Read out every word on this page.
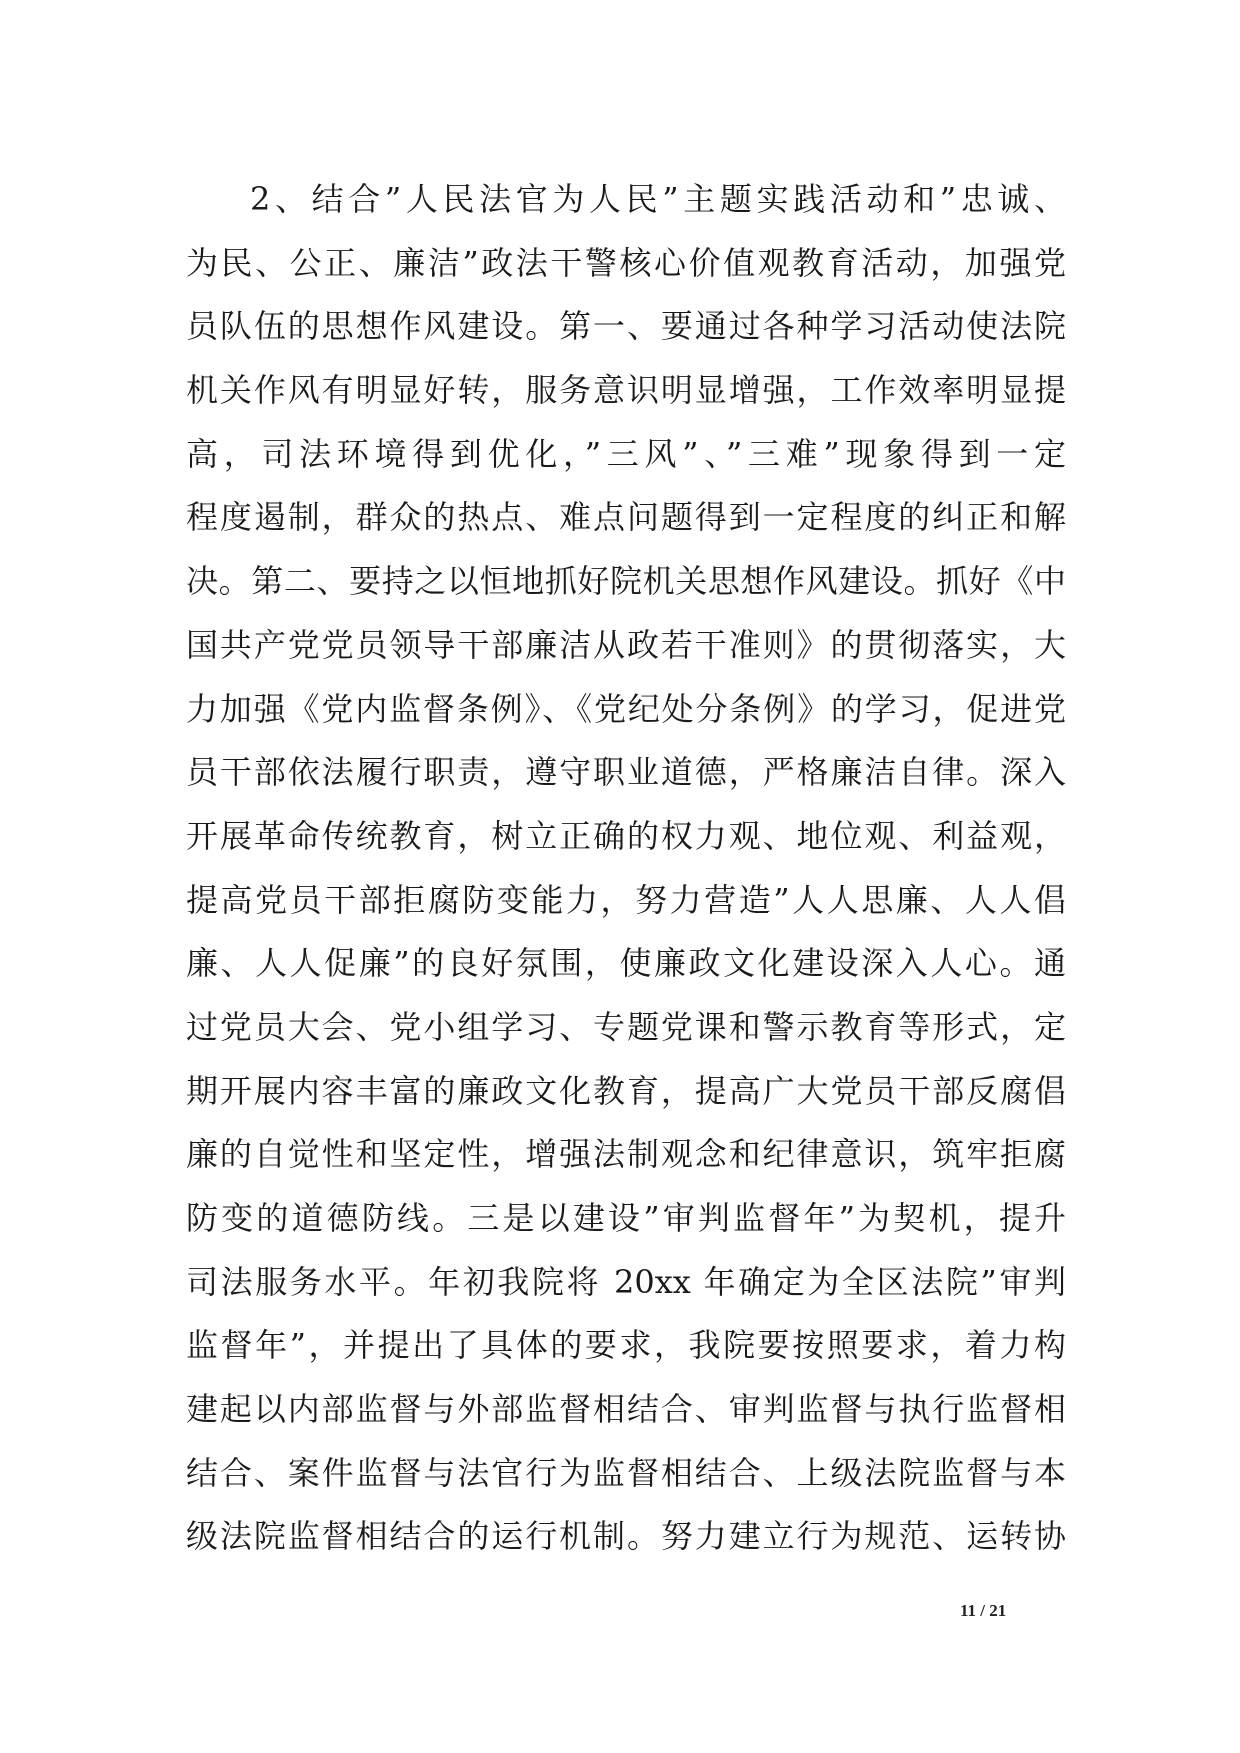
2、结合”人民法官为人民”主题实践活动和”忠诚、
为民、公正、廉洁”政法干警核心价值观教育活动，加强党
员队伍的思想作风建设。第一、要通过各种学习活动使法院
机关作风有明显好转，服务意识明显增强，工作效率明显提
高，司法环境得到优化，”三风”、”三难”现象得到一定
程度遏制，群众的热点、难点问题得到一定程度的纠正和解
决。第二、要持之以恒地抓好院机关思想作风建设。抓好《中
国共产党党员领导干部廉洁从政若干准则》的贯彻落实，大
力加强《党内监督条例》、《党纪处分条例》的学习，促进党
员干部依法履行职责，遵守职业道德，严格廉洁自律。深入
开展革命传统教育，树立正确的权力观、地位观、利益观，
提高党员干部拒腐防变能力，努力营造”人人思廉、人人倡
廉、人人促廉”的良好氛围，使廉政文化建设深入人心。通
过党员大会、党小组学习、专题党课和警示教育等形式，定
期开展内容丰富的廉政文化教育，提高广大党员干部反腐倡
廉的自觉性和坚定性，增强法制观念和纪律意识，筑牢拒腐
防变的道德防线。三是以建设”审判监督年”为契机，提升
司法服务水平。年初我院将 20xx 年确定为全区法院”审判
监督年”，并提出了具体的要求，我院要按照要求，着力构
建起以内部监督与外部监督相结合、审判监督与执行监督相
结合、案件监督与法官行为监督相结合、上级法院监督与本
级法院监督相结合的运行机制。努力建立行为规范、运转协
11 / 21
